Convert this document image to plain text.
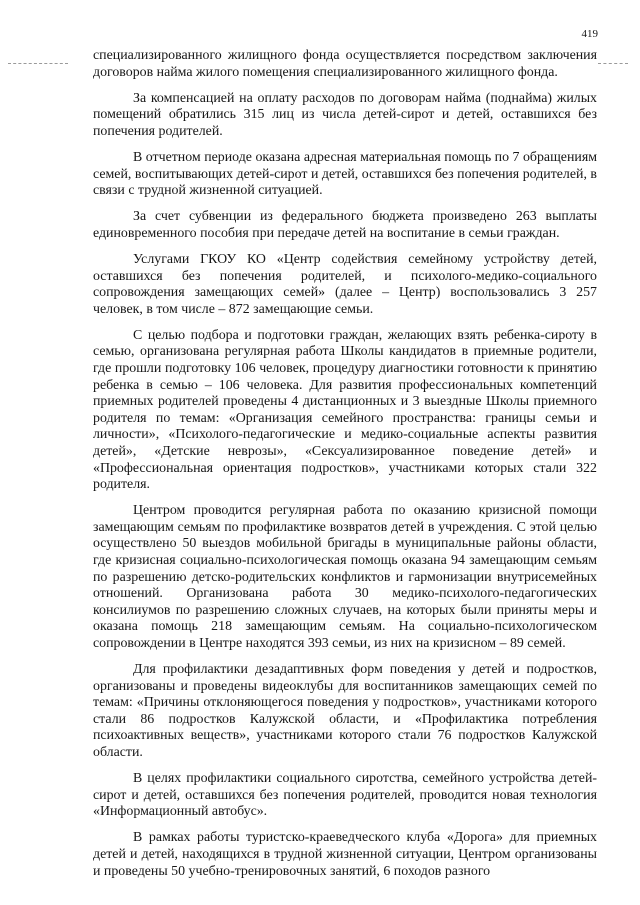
419

специализированного жилищного фонда осуществляется посредством заключения договоров найма жилого помещения специализированного жилищного фонда.

За компенсацией на оплату расходов по договорам найма (поднайма) жилых помещений обратились 315 лиц из числа детей-сирот и детей, оставшихся без попечения родителей.

В отчетном периоде оказана адресная материальная помощь по 7 обращениям семей, воспитывающих детей-сирот и детей, оставшихся без попечения родителей, в связи с трудной жизненной ситуацией.

За счет субвенции из федерального бюджета произведено 263 выплаты единовременного пособия при передаче детей на воспитание в семьи граждан.

Услугами ГКОУ КО «Центр содействия семейному устройству детей, оставшихся без попечения родителей, и психолого-медико-социального сопровождения замещающих семей» (далее – Центр) воспользовались 3 257 человек, в том числе – 872 замещающие семьи.

С целью подбора и подготовки граждан, желающих взять ребенка-сироту в семью, организована регулярная работа Школы кандидатов в приемные родители, где прошли подготовку 106 человек, процедуру диагностики готовности к принятию ребенка в семью – 106 человека. Для развития профессиональных компетенций приемных родителей проведены 4 дистанционных и 3 выездные Школы приемного родителя по темам: «Организация семейного пространства: границы семьи и личности», «Психолого-педагогические и медико-социальные аспекты развития детей», «Детские неврозы», «Сексуализированное поведение детей» и «Профессиональная ориентация подростков», участниками которых стали 322 родителя.

Центром проводится регулярная работа по оказанию кризисной помощи замещающим семьям по профилактике возвратов детей в учреждения. С этой целью осуществлено 50 выездов мобильной бригады в муниципальные районы области, где кризисная социально-психологическая помощь оказана 94 замещающим семьям по разрешению детско-родительских конфликтов и гармонизации внутрисемейных отношений. Организована работа 30 медико-психолого-педагогических консилиумов по разрешению сложных случаев, на которых были приняты меры и оказана помощь 218 замещающим семьям. На социально-психологическом сопровождении в Центре находятся 393 семьи, из них на кризисном – 89 семей.

Для профилактики дезадаптивных форм поведения у детей и подростков, организованы и проведены видеоклубы для воспитанников замещающих семей по темам: «Причины отклоняющегося поведения у подростков», участниками которого стали 86 подростков Калужской области, и «Профилактика потребления психоактивных веществ», участниками которого стали 76 подростков Калужской области.

В целях профилактики социального сиротства, семейного устройства детей-сирот и детей, оставшихся без попечения родителей, проводится новая технология «Информационный автобус».

В рамках работы туристско-краеведческого клуба «Дорога» для приемных детей и детей, находящихся в трудной жизненной ситуации, Центром организованы и проведены 50 учебно-тренировочных занятий, 6 походов разного
